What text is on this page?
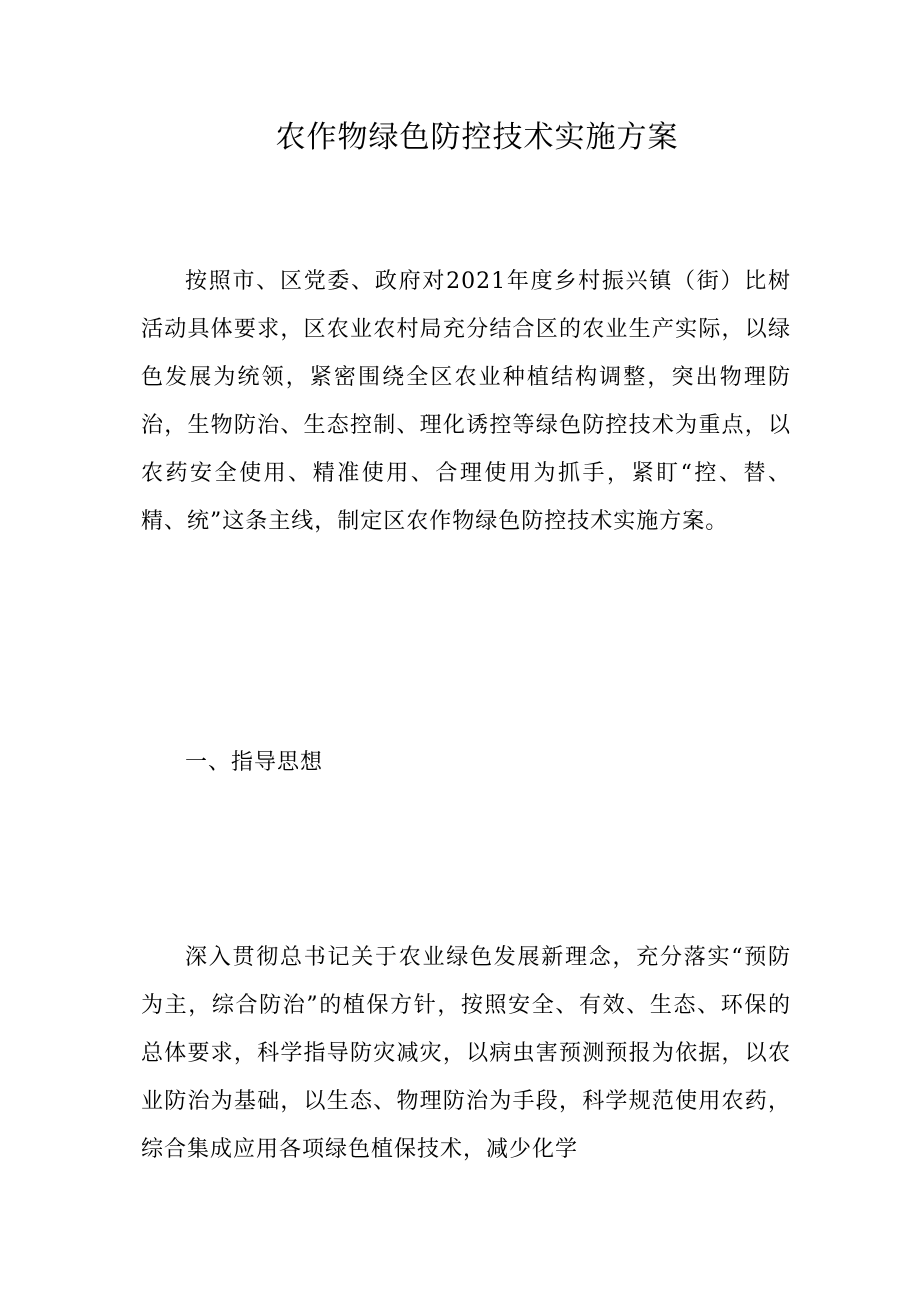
农作物绿色防控技术实施方案

按照市、区党委、政府对2021年度乡村振兴镇（街）比树活动具体要求，区农业农村局充分结合区的农业生产实际，以绿色发展为统领，紧密围绕全区农业种植结构调整，突出物理防治，生物防治、生态控制、理化诱控等绿色防控技术为重点，以农药安全使用、精准使用、合理使用为抓手，紧盯“控、替、精、统”这条主线，制定区农作物绿色防控技术实施方案。

一、指导思想

深入贯彻总书记关于农业绿色发展新理念，充分落实“预防为主，综合防治”的植保方针，按照安全、有效、生态、环保的总体要求，科学指导防灾减灾，以病虫害预测预报为依据，以农业防治为基础，以生态、物理防治为手段，科学规范使用农药，综合集成应用各项绿色植保技术，减少化学
